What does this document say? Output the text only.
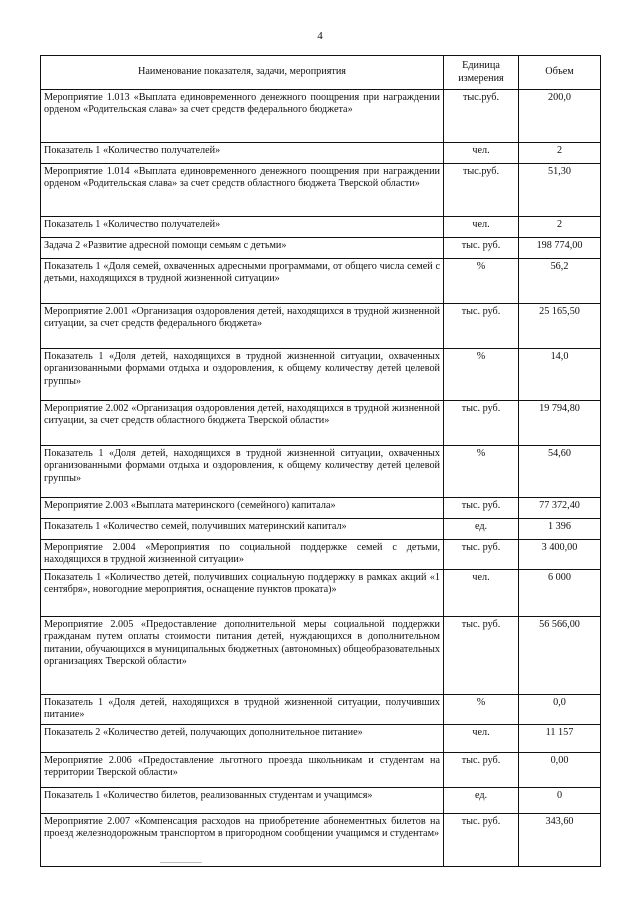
4
Наименование показателя, задачи, мероприятия	Единица измерения	Объем
Мероприятие 1.013 «Выплата единовременного денежного поощрения при награждении орденом «Родительская слава» за счет средств федерального бюджета»	тыс.руб.	200,0
Показатель 1 «Количество получателей»	чел.	2
Мероприятие 1.014 «Выплата единовременного денежного поощрения при награждении орденом «Родительская слава» за счет средств областного бюджета Тверской области»	тыс.руб.	51,30
Показатель 1 «Количество получателей»	чел.	2
Задача 2 «Развитие адресной помощи семьям с детьми»	тыс. руб.	198 774,00
Показатель 1 «Доля семей, охваченных адресными программами, от общего числа семей с детьми, находящихся в трудной жизненной ситуации»	%	56,2
Мероприятие 2.001 «Организация оздоровления детей, находящихся в трудной жизненной ситуации, за счет средств федерального бюджета»	тыс. руб.	25 165,50
Показатель 1 «Доля детей, находящихся в трудной жизненной ситуации, охваченных организованными формами отдыха и оздоровления, к общему количеству детей целевой группы»	%	14,0
Мероприятие 2.002 «Организация оздоровления детей, находящихся в трудной жизненной ситуации, за счет средств областного бюджета Тверской области»	тыс. руб.	19 794,80
Показатель 1 «Доля детей, находящихся в трудной жизненной ситуации, охваченных организованными формами отдыха и оздоровления, к общему количеству детей целевой группы»	%	54,60
Мероприятие 2.003 «Выплата материнского (семейного) капитала»	тыс. руб.	77 372,40
Показатель 1 «Количество семей, получивших материнский капитал»	ед.	1 396
Мероприятие 2.004 «Мероприятия по социальной поддержке семей с детьми, находящихся в трудной жизненной ситуации»	тыс. руб.	3 400,00
Показатель 1 «Количество детей, получивших социальную поддержку в рамках акций «1 сентября», новогодние мероприятия, оснащение пунктов проката)»	чел.	6 000
Мероприятие 2.005 «Предоставление дополнительной меры социальной поддержки гражданам путем оплаты стоимости питания детей, нуждающихся в дополнительном питании, обучающихся в муниципальных бюджетных (автономных) общеобразовательных организациях Тверской области»	тыс. руб.	56 566,00
Показатель 1 «Доля детей, находящихся в трудной жизненной ситуации, получивших питание»	%	0,0
Показатель 2 «Количество детей, получающих дополнительное питание»	чел.	11 157
Мероприятие 2.006 «Предоставление льготного проезда школьникам и студентам на территории Тверской области»	тыс. руб.	0,00
Показатель 1 «Количество билетов, реализованных студентам и учащимся»	ед.	0
Мероприятие 2.007 «Компенсация расходов на приобретение абонементных билетов на проезд железнодорожным транспортом в пригородном сообщении учащимся и студентам»	тыс. руб.	343,60
